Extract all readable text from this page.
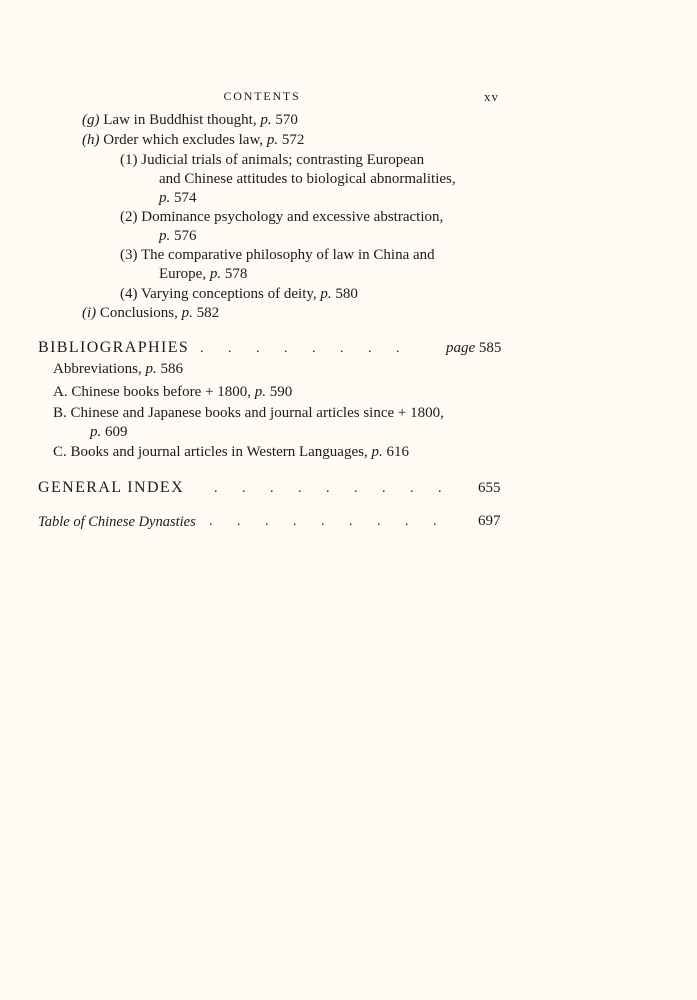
CONTENTS	xv
(g) Law in Buddhist thought, p. 570
(h) Order which excludes law, p. 572
(1) Judicial trials of animals; contrasting European
and Chinese attitudes to biological abnormalities,
p. 574
(2) Dominance psychology and excessive abstraction,
p. 576
(3) The comparative philosophy of law in China and
Europe, p. 578
(4) Varying conceptions of deity, p. 580
(i) Conclusions, p. 582
BIBLIOGRAPHIES . . . . . . . . page 585
Abbreviations, p. 586
A. Chinese books before + 1800, p. 590
B. Chinese and Japanese books and journal articles since + 1800,
p. 609
C. Books and journal articles in Western Languages, p. 616
GENERAL INDEX . . . . . . . . . 655
Table of Chinese Dynasties . . . . . . . . . 697
